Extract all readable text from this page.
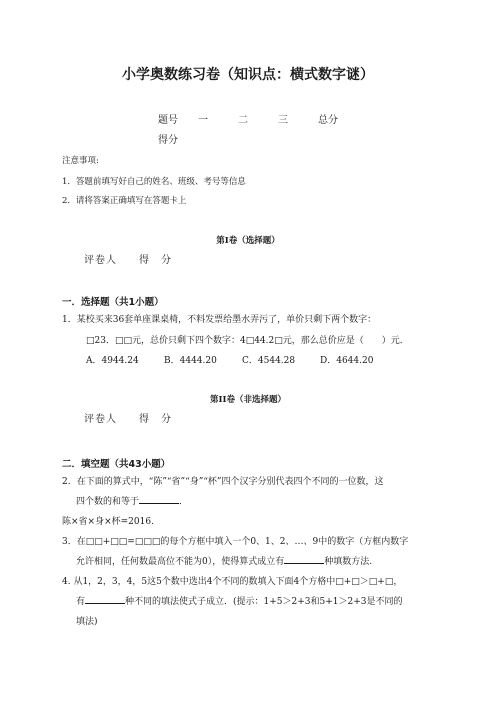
小学奥数练习卷（知识点：横式数字谜）
题号	一	二	三	总分
得分
注意事项:
1．答题前填写好自己的姓名、班级、考号等信息
2．请将答案正确填写在答题卡上
第I卷（选择题）
评卷人 得　分
一．选择题（共1小题）
1．某校买来36套单座课桌椅，不料发票给墨水弄污了，单价只剩下两个数字：
□23．□□元，总价只剩下四个数字：4□44.2□元，那么总价应是（　　）元．
A．4944.24	B．4444.20	C．4544.28	D．4644.20
第II卷（非选择题）
评卷人 得　分
二．填空题（共43小题）
2．在下面的算式中，“陈”“省”“身”“杯”四个汉字分别代表四个不同的一位数，这
四个数的和等于	．
陈×省×身×杯=2016.
3．在□□+□□=□□□的每个方框中填入一个0、1、2、…、9中的数字（方框内数字
允许相同，任何数最高位不能为0），使得算式成立有	种填数方法.
4. 从1，2，3，4，5这5个数中选出4个不同的数填入下面4个方格中□+□＞□+□，
有	种不同的填法使式子成立．(提示：1+5＞2+3和5+1＞2+3是不同的
填法)
